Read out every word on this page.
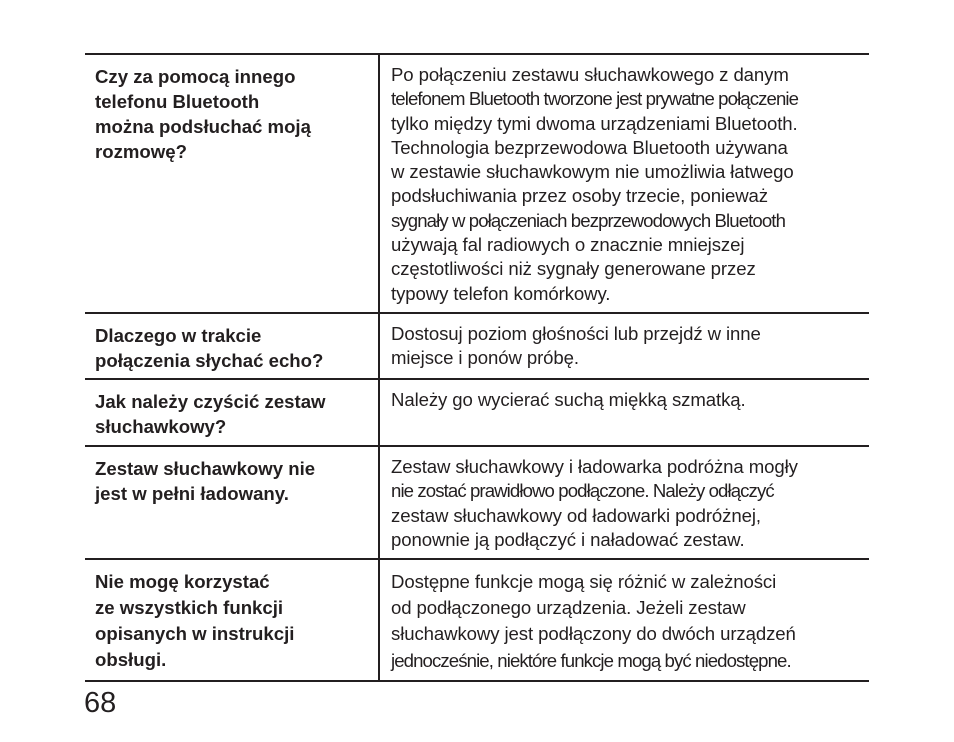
Czy za pomocą innego
telefonu Bluetooth
można podsłuchać moją
rozmowę?
Po połączeniu zestawu słuchawkowego z danym
telefonem Bluetooth tworzone jest prywatne połączenie
tylko między tymi dwoma urządzeniami Bluetooth.
Technologia bezprzewodowa Bluetooth używana
w zestawie słuchawkowym nie umożliwia łatwego
podsłuchiwania przez osoby trzecie, ponieważ
sygnały w połączeniach bezprzewodowych Bluetooth
używają fal radiowych o znacznie mniejszej
częstotliwości niż sygnały generowane przez
typowy telefon komórkowy.
Dlaczego w trakcie
połączenia słychać echo?
Dostosuj poziom głośności lub przejdź w inne
miejsce i ponów próbę.
Jak należy czyścić zestaw
słuchawkowy?
Należy go wycierać suchą miękką szmatką.
Zestaw słuchawkowy nie
jest w pełni ładowany.
Zestaw słuchawkowy i ładowarka podróżna mogły
nie zostać prawidłowo podłączone. Należy odłączyć
zestaw słuchawkowy od ładowarki podróżnej,
ponownie ją podłączyć i naładować zestaw.
Nie mogę korzystać
ze wszystkich funkcji
opisanych w instrukcji
obsługi.
Dostępne funkcje mogą się różnić w zależności
od podłączonego urządzenia. Jeżeli zestaw
słuchawkowy jest podłączony do dwóch urządzeń
jednocześnie, niektóre funkcje mogą być niedostępne.
68
